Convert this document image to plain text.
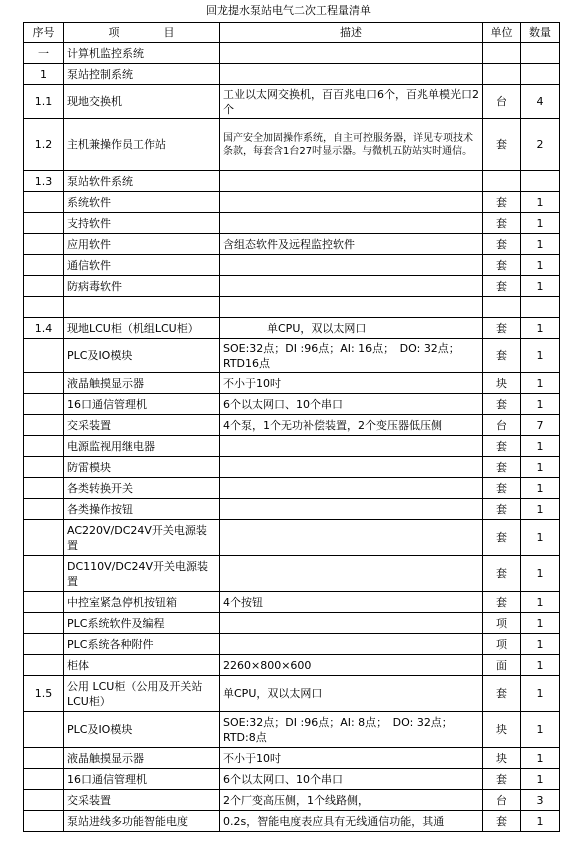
回龙提水泵站电气二次工程量清单
序号	项　　　　目	描述	单位	数量
一	计算机监控系统			
1	泵站控制系统			
1.1	现地交换机	工业以太网交换机，百百兆电口6个，百兆单模光口2个	台	4
1.2	主机兼操作员工作站	国产安全加固操作系统，自主可控服务器，详见专项技术条款，每套含1台27吋显示器。与微机五防站实时通信。	套	2
1.3	泵站软件系统			
	系统软件		套	1
	支持软件		套	1
	应用软件	含组态软件及远程监控软件	套	1
	通信软件		套	1
	防病毒软件		套	1

1.4	现地LCU柜（机组LCU柜）	　　　　单CPU，双以太网口	套	1
	PLC及IO模块	SOE:32点；DI :96点；AI: 16点；　DO: 32点；RTD16点	套	1
	液晶触摸显示器	不小于10吋	块	1
	16口通信管理机	6个以太网口、10个串口	套	1
	交采装置	4个泵，1个无功补偿装置，2个变压器低压侧	台	7
	电源监视用继电器		套	1
	防雷模块		套	1
	各类转换开关		套	1
	各类操作按钮		套	1
	AC220V/DC24V开关电源装置		套	1
	DC110V/DC24V开关电源装置		套	1
	中控室紧急停机按钮箱	4个按钮	套	1
	PLC系统软件及编程		项	1
	PLC系统各种附件		项	1
	柜体	2260×800×600	面	1
1.5	公用 LCU柜（公用及开关站LCU柜）	单CPU，双以太网口	套	1
	PLC及IO模块	SOE:32点；DI :96点；AI: 8点；　DO: 32点；RTD:8点	块	1
	液晶触摸显示器	不小于10吋	块	1
	16口通信管理机	6个以太网口、10个串口	套	1
	交采装置	2个厂变高压侧，1个线路侧，	台	3
	泵站进线多功能智能电度	0.2s，智能电度表应具有无线通信功能，其通	套	1
